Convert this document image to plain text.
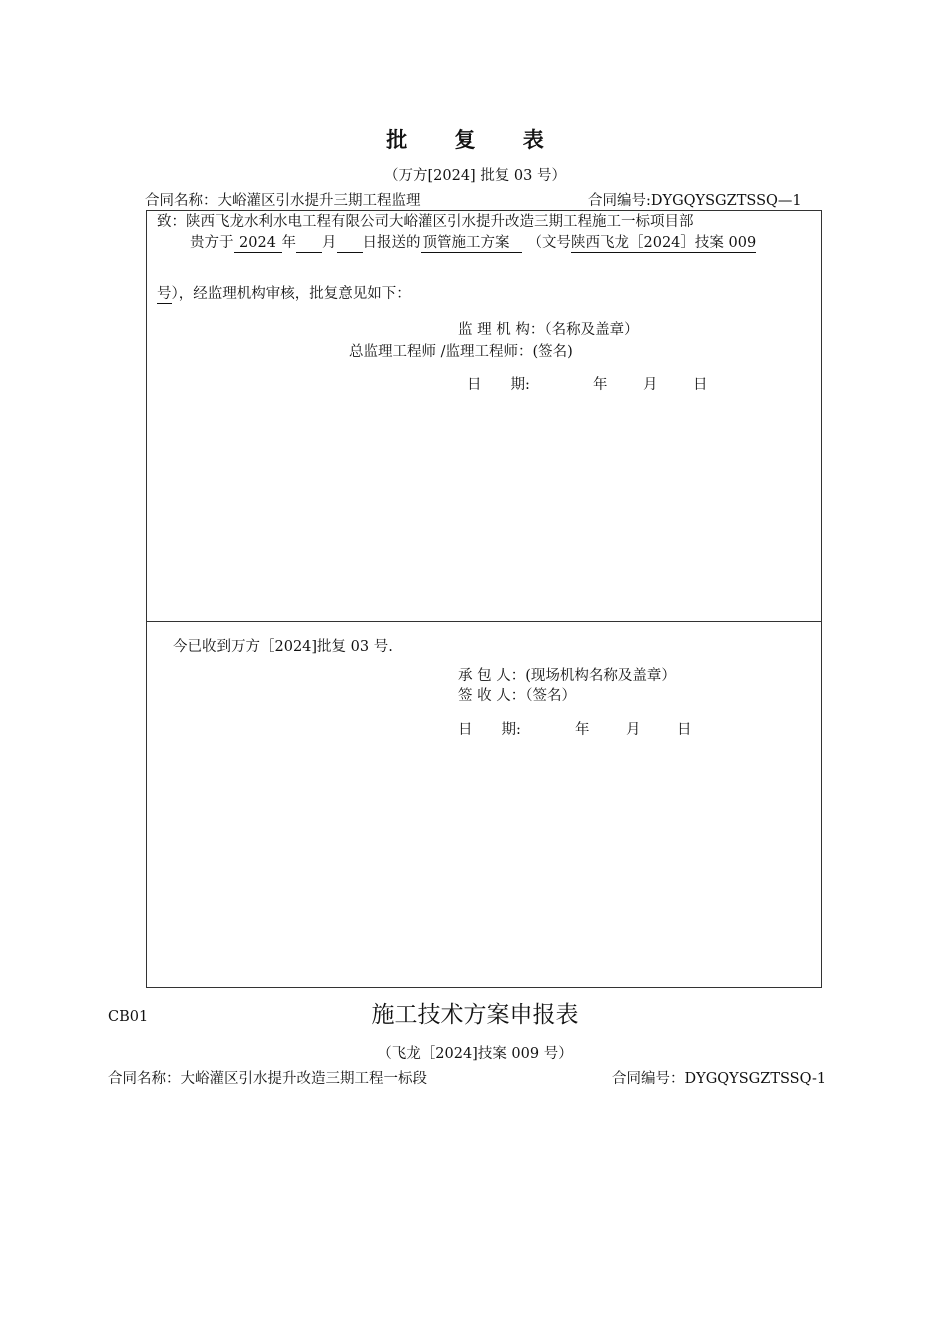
批 复 表
（万方[2024] 批复 03 号）
合同名称：大峪灌区引水提升三期工程监理	合同编号:DYGQYSGZTSSQ—1
致：陕西飞龙水利水电工程有限公司大峪灌区引水提升改造三期工程施工一标项目部
贵方于 2024 年 月 日报送的 顶管施工方案 （文号陕西飞龙［2024］技案 009
号），经监理机构审核，批复意见如下：
监 理 机 构：（名称及盖章）
总监理工程师 /监理工程师：(签名)
日　　期:	年 月 日
今已收到万方［2024]批复 03 号.
承 包 人：(现场机构名称及盖章）
签 收 人：（签名）
日　　期:	年	月	日
CB01	施工技术方案申报表
（飞龙［2024]技案 009 号）
合同名称：大峪灌区引水提升改造三期工程一标段	合同编号：DYGQYSGZTSSQ-1
